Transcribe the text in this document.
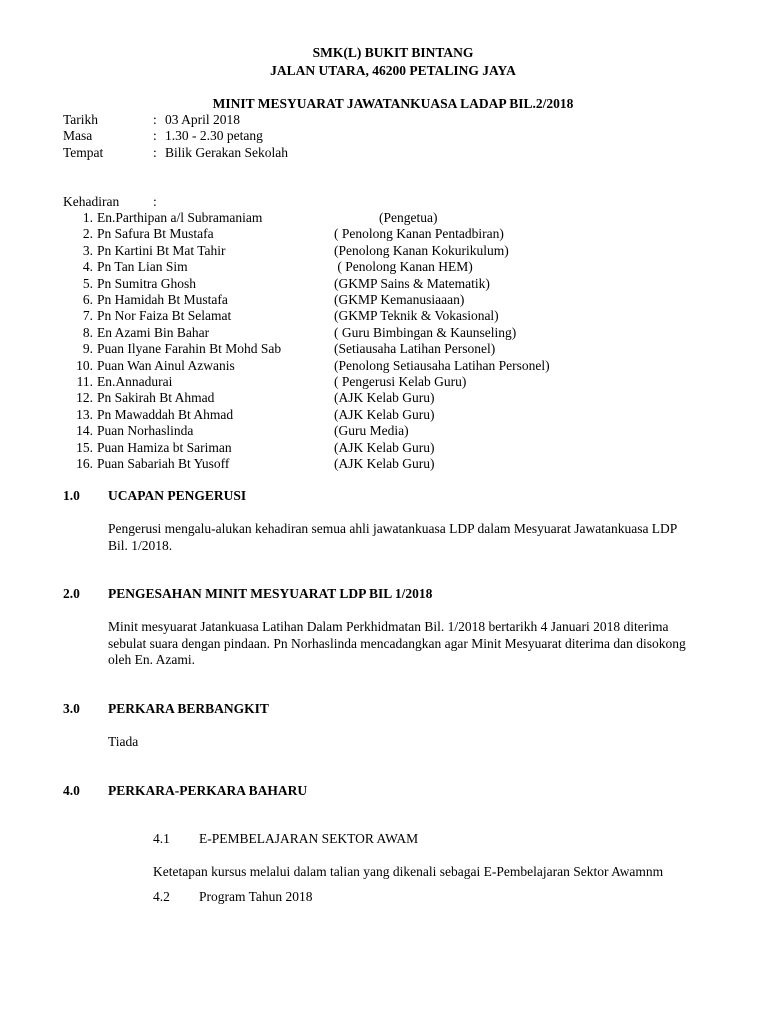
SMK(L) BUKIT BINTANG
JALAN UTARA, 46200 PETALING JAYA
MINIT MESYUARAT JAWATANKUASA LADAP BIL.2/2018
Tarikh	: 03 April 2018
Masa	: 1.30 - 2.30 petang
Tempat	: Bilik Gerakan Sekolah
Kehadiran	:
1. En.Parthipan a/l Subramaniam	(Pengetua)
2. Pn Safura Bt Mustafa	( Penolong Kanan Pentadbiran)
3. Pn Kartini Bt Mat Tahir	(Penolong Kanan Kokurikulum)
4. Pn Tan Lian Sim	( Penolong Kanan HEM)
5. Pn Sumitra Ghosh	(GKMP Sains & Matematik)
6. Pn Hamidah Bt Mustafa	(GKMP Kemanusiaaan)
7. Pn Nor Faiza Bt Selamat	(GKMP Teknik & Vokasional)
8. En Azami Bin Bahar	( Guru Bimbingan & Kaunseling)
9. Puan Ilyane Farahin Bt Mohd Sab	(Setiausaha Latihan Personel)
10. Puan Wan Ainul Azwanis	(Penolong Setiausaha Latihan Personel)
11. En.Annadurai	( Pengerusi Kelab Guru)
12. Pn Sakirah Bt Ahmad	(AJK Kelab Guru)
13. Pn Mawaddah Bt Ahmad	(AJK Kelab Guru)
14. Puan Norhaslinda	(Guru Media)
15. Puan Hamiza bt Sariman	(AJK Kelab Guru)
16. Puan Sabariah Bt Yusoff	(AJK Kelab Guru)
1.0 UCAPAN PENGERUSI
Pengerusi mengalu-alukan kehadiran semua ahli jawatankuasa LDP dalam Mesyuarat Jawatankuasa LDP
Bil. 1/2018.
2.0 PENGESAHAN MINIT MESYUARAT LDP BIL 1/2018
Minit mesyuarat Jatankuasa Latihan Dalam Perkhidmatan Bil. 1/2018 bertarikh 4 Januari 2018 diterima
sebulat suara dengan pindaan. Pn Norhaslinda mencadangkan agar Minit Mesyuarat diterima dan disokong
oleh En. Azami.
3.0 PERKARA BERBANGKIT
Tiada
4.0 PERKARA-PERKARA BAHARU
4.1 E-PEMBELAJARAN SEKTOR AWAM
Ketetapan kursus melalui dalam talian yang dikenali sebagai E-Pembelajaran Sektor Awamnm
4.2 Program Tahun 2018
